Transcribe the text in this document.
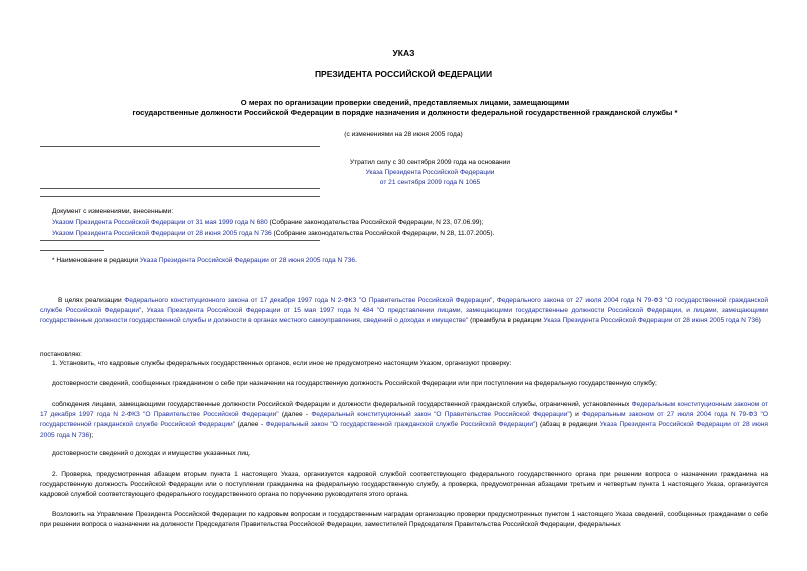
УКАЗ
ПРЕЗИДЕНТА РОССИЙСКОЙ ФЕДЕРАЦИИ
О мерах по организации проверки сведений, представляемых лицами, замещающими
государственные должности Российской Федерации в порядке назначения и должности федеральной государственной гражданской службы *
(с изменениями на 28 июня 2005 года)
Утратил силу с 30 сентября 2009 года на основании
Указа Президента Российской Федерации
от 21 сентября 2009 года N 1065
Документ с изменениями, внесенными:
Указом Президента Российской Федерации от 31 мая 1999 года N 680 (Собрание законодательства Российской Федерации, N 23, 07.06.99);
Указом Президента Российской Федерации от 28 июня 2005 года N 736 (Собрание законодательства Российской Федерации, N 28, 11.07.2005).
* Наименование в редакции Указа Президента Российской Федерации от 28 июня 2005 года N 736.
В целях реализации Федерального конституционного закона от 17 декабря 1997 года N 2-ФКЗ "О Правительстве Российской Федерации", Федерального закона от 27 июля 2004 года N 79-ФЗ "О государственной гражданской службе Российской Федерации", Указа Президента Российской Федерации от 15 мая 1997 года N 484 "О представлении лицами, замещающими государственные должности Российской Федерации, и лицами, замещающими государственные должности государственной службы и должности в органах местного самоуправления, сведений о доходах и имуществе" (преамбула в редакции Указа Президента Российской Федерации от 28 июня 2005 года N 736)
постановляю:
1. Установить, что кадровые службы федеральных государственных органов, если иное не предусмотрено настоящим Указом, организуют проверку:
достоверности сведений, сообщенных гражданином о себе при назначении на государственную должность Российской Федерации или при поступлении на федеральную государственную службу;
соблюдения лицами, замещающими государственные должности Российской Федерации и должности федеральной государственной гражданской службы, ограничений, установленных Федеральным конституционным законом от 17 декабря 1997 года N 2-ФКЗ "О Правительстве Российской Федерации" (далее - Федеральный конституционный закон "О Правительстве Российской Федерации") и Федеральным законом от 27 июля 2004 года N 79-ФЗ "О государственной гражданской службе Российской Федерации" (далее - Федеральный закон "О государственной гражданской службе Российской Федерации") (абзац в редакции Указа Президента Российской Федерации от 28 июня 2005 года N 736);
достоверности сведений о доходах и имуществе указанных лиц.
2. Проверка, предусмотренная абзацем вторым пункта 1 настоящего Указа, организуется кадровой службой соответствующего федерального государственного органа при решении вопроса о назначении гражданина на государственную должность Российской Федерации или о поступлении гражданина на федеральную государственную службу, а проверка, предусмотренная абзацами третьим и четвертым пункта 1 настоящего Указа, организуется кадровой службой соответствующего федерального государственного органа по поручению руководителя этого органа.
Возложить на Управление Президента Российской Федерации по кадровым вопросам и государственным наградам организацию проверки предусмотренных пунктом 1 настоящего Указа сведений, сообщенных гражданами о себе при решении вопроса о назначении на должности Председателя Правительства Российской Федерации, заместителей Председателя Правительства Российской Федерации, федеральных
